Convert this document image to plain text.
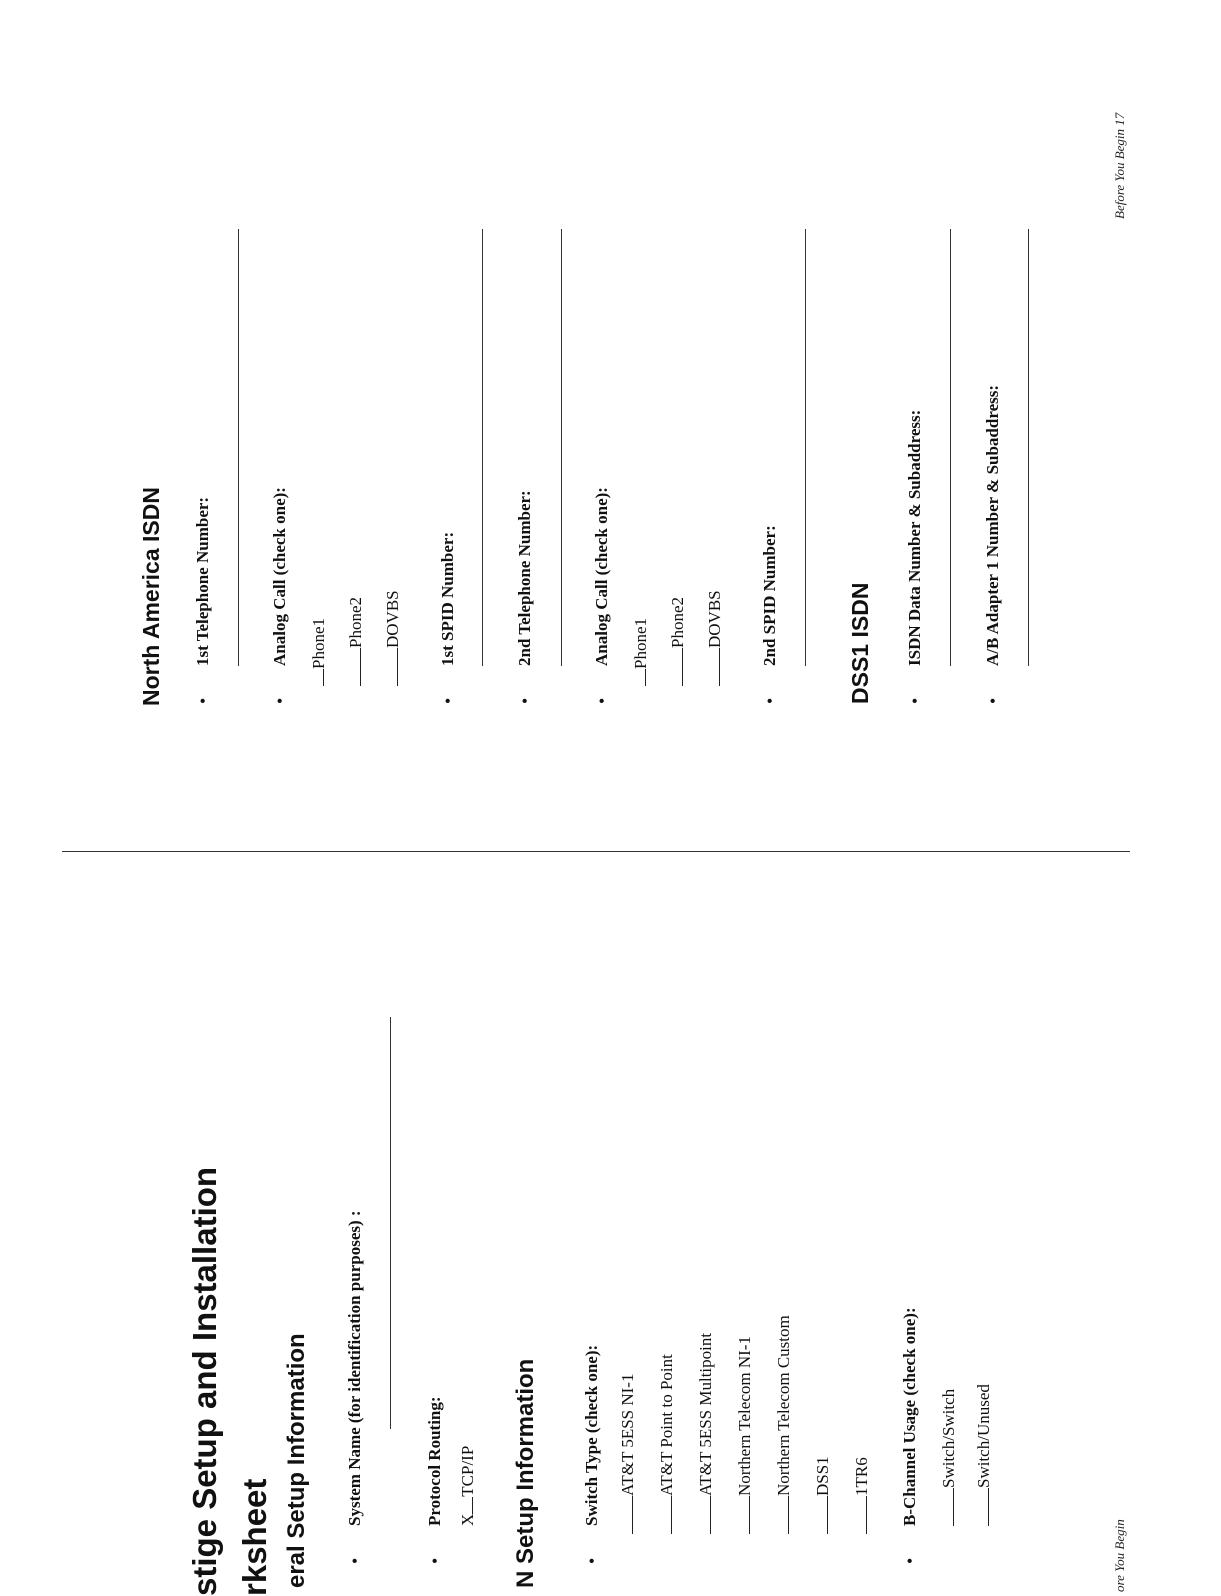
stige Setup and Installation rksheet eral Setup Information •
System Name (for identification purposes) :
•
Protocol Routing: XTCP/IP N Setup Information •
Switch Type (check one):	AT&T 5ESS NI-1	AT&T Point to Point	AT&T 5ESS Multipoint	Northern Telecom NI-1	Northern Telecom Custom	DSS1	1TR6
•
B-Channel Usage (check one):	Switch/Switch Switch/Unused
ore You Begin
North America ISDN •
1st Telephone Number:
•
Analog Call (check one):	Phone1	Phone2	DOVBS
•
1st SPID Number:
•
2nd Telephone Number:
•
Analog Call (check one):	Phone1	Phone2	DOVBS
•
2nd SPID Number:	DSS1 ISDN •
ISDN Data Number & Subaddress:
•
A/B Adapter 1 Number & Subaddress:
Before You Begin 17
